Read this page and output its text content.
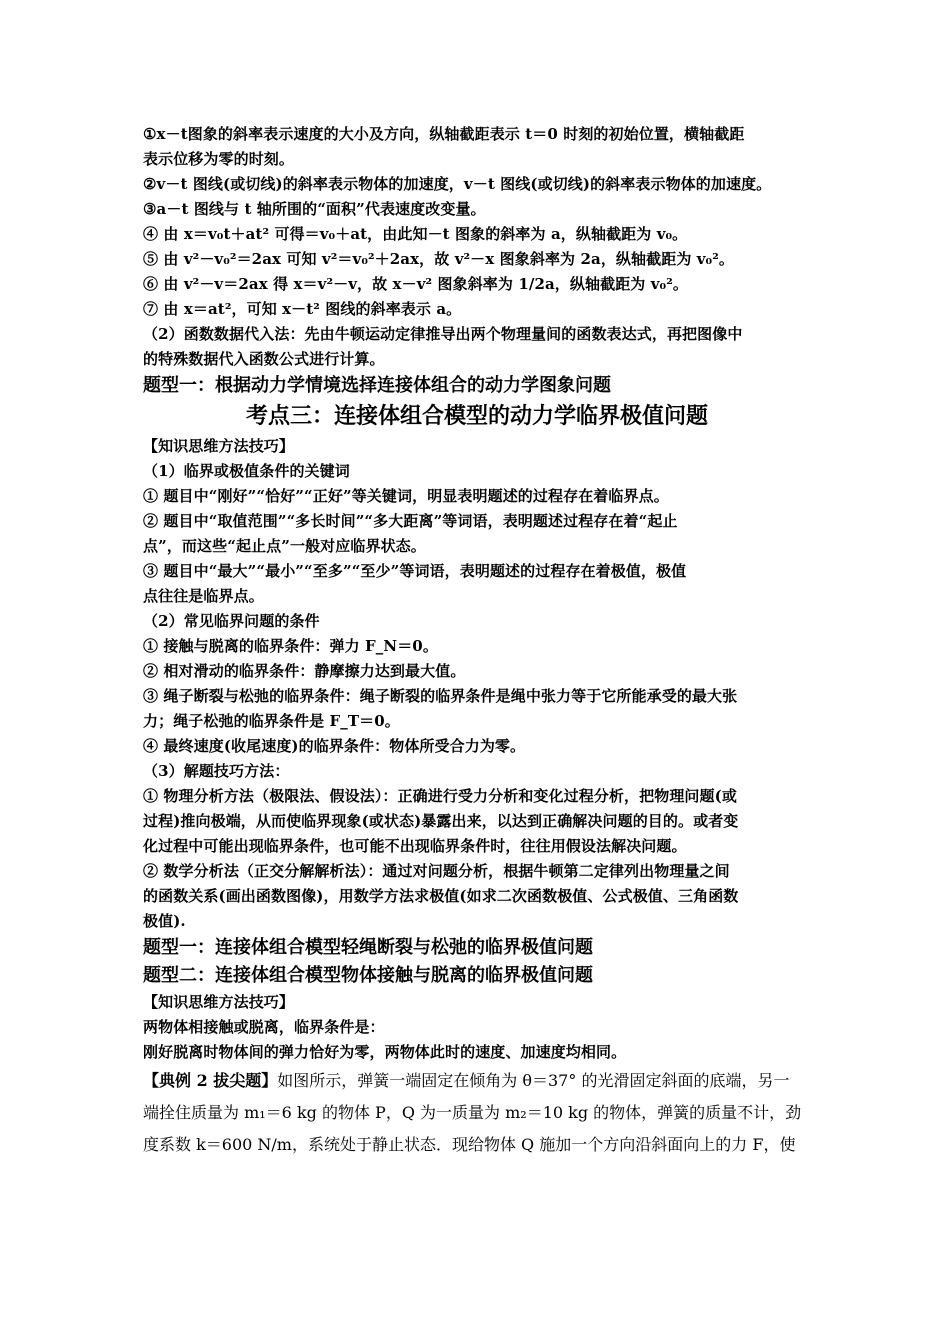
①x－t图象的斜率表示速度的大小及方向，纵轴截距表示 t＝0 时刻的初始位置，横轴截距
表示位移为零的时刻。
②v－t 图线(或切线)的斜率表示物体的加速度，v－t 图线(或切线)的斜率表示物体的加速度。
③a－t 图线与 t 轴所围的“面积”代表速度改变量。
④ 由 x＝v₀t＋at² 可得＝v₀＋at，由此知－t 图象的斜率为 a，纵轴截距为 v₀。
⑤ 由 v²－v₀²＝2ax 可知 v²＝v₀²＋2ax，故 v²－x 图象斜率为 2a，纵轴截距为 v₀²。
⑥ 由 v²－v＝2ax 得 x＝v²－v，故 x－v² 图象斜率为 1/2a，纵轴截距为 v₀²。
⑦ 由 x＝at²，可知 x－t² 图线的斜率表示 a。
（2）函数数据代入法：先由牛顿运动定律推导出两个物理量间的函数表达式，再把图像中
的特殊数据代入函数公式进行计算。
题型一：根据动力学情境选择连接体组合的动力学图象问题
考点三：连接体组合模型的动力学临界极值问题
【知识思维方法技巧】
（1）临界或极值条件的关键词
① 题目中“刚好”“恰好”“正好”等关键词，明显表明题述的过程存在着临界点。
② 题目中“取值范围”“多长时间”“多大距离”等词语，表明题述过程存在着“起止
点”，而这些“起止点”一般对应临界状态。
③ 题目中“最大”“最小”“至多”“至少”等词语，表明题述的过程存在着极值，极值
点往往是临界点。
（2）常见临界问题的条件
① 接触与脱离的临界条件：弹力 F_N＝0。
② 相对滑动的临界条件：静摩擦力达到最大值。
③ 绳子断裂与松弛的临界条件：绳子断裂的临界条件是绳中张力等于它所能承受的最大张
力；绳子松弛的临界条件是 F_T＝0。
④ 最终速度(收尾速度)的临界条件：物体所受合力为零。
（3）解题技巧方法：
① 物理分析方法（极限法、假设法）：正确进行受力分析和变化过程分析，把物理问题(或
过程)推向极端，从而使临界现象(或状态)暴露出来，以达到正确解决问题的目的。或者变
化过程中可能出现临界条件，也可能不出现临界条件时，往往用假设法解决问题。
② 数学分析法（正交分解解析法）：通过对问题分析，根据牛顿第二定律列出物理量之间
的函数关系(画出函数图像)，用数学方法求极值(如求二次函数极值、公式极值、三角函数
极值).
题型一：连接体组合模型轻绳断裂与松弛的临界极值问题
题型二：连接体组合模型物体接触与脱离的临界极值问题
【知识思维方法技巧】
两物体相接触或脱离，临界条件是：
刚好脱离时物体间的弹力恰好为零，两物体此时的速度、加速度均相同。
【典例 2 拔尖题】如图所示，弹簧一端固定在倾角为 θ＝37° 的光滑固定斜面的底端，另一
端拴住质量为 m₁＝6 kg 的物体 P，Q 为一质量为 m₂＝10 kg 的物体，弹簧的质量不计，劲
度系数 k＝600 N/m，系统处于静止状态．现给物体 Q 施加一个方向沿斜面向上的力 F，使
